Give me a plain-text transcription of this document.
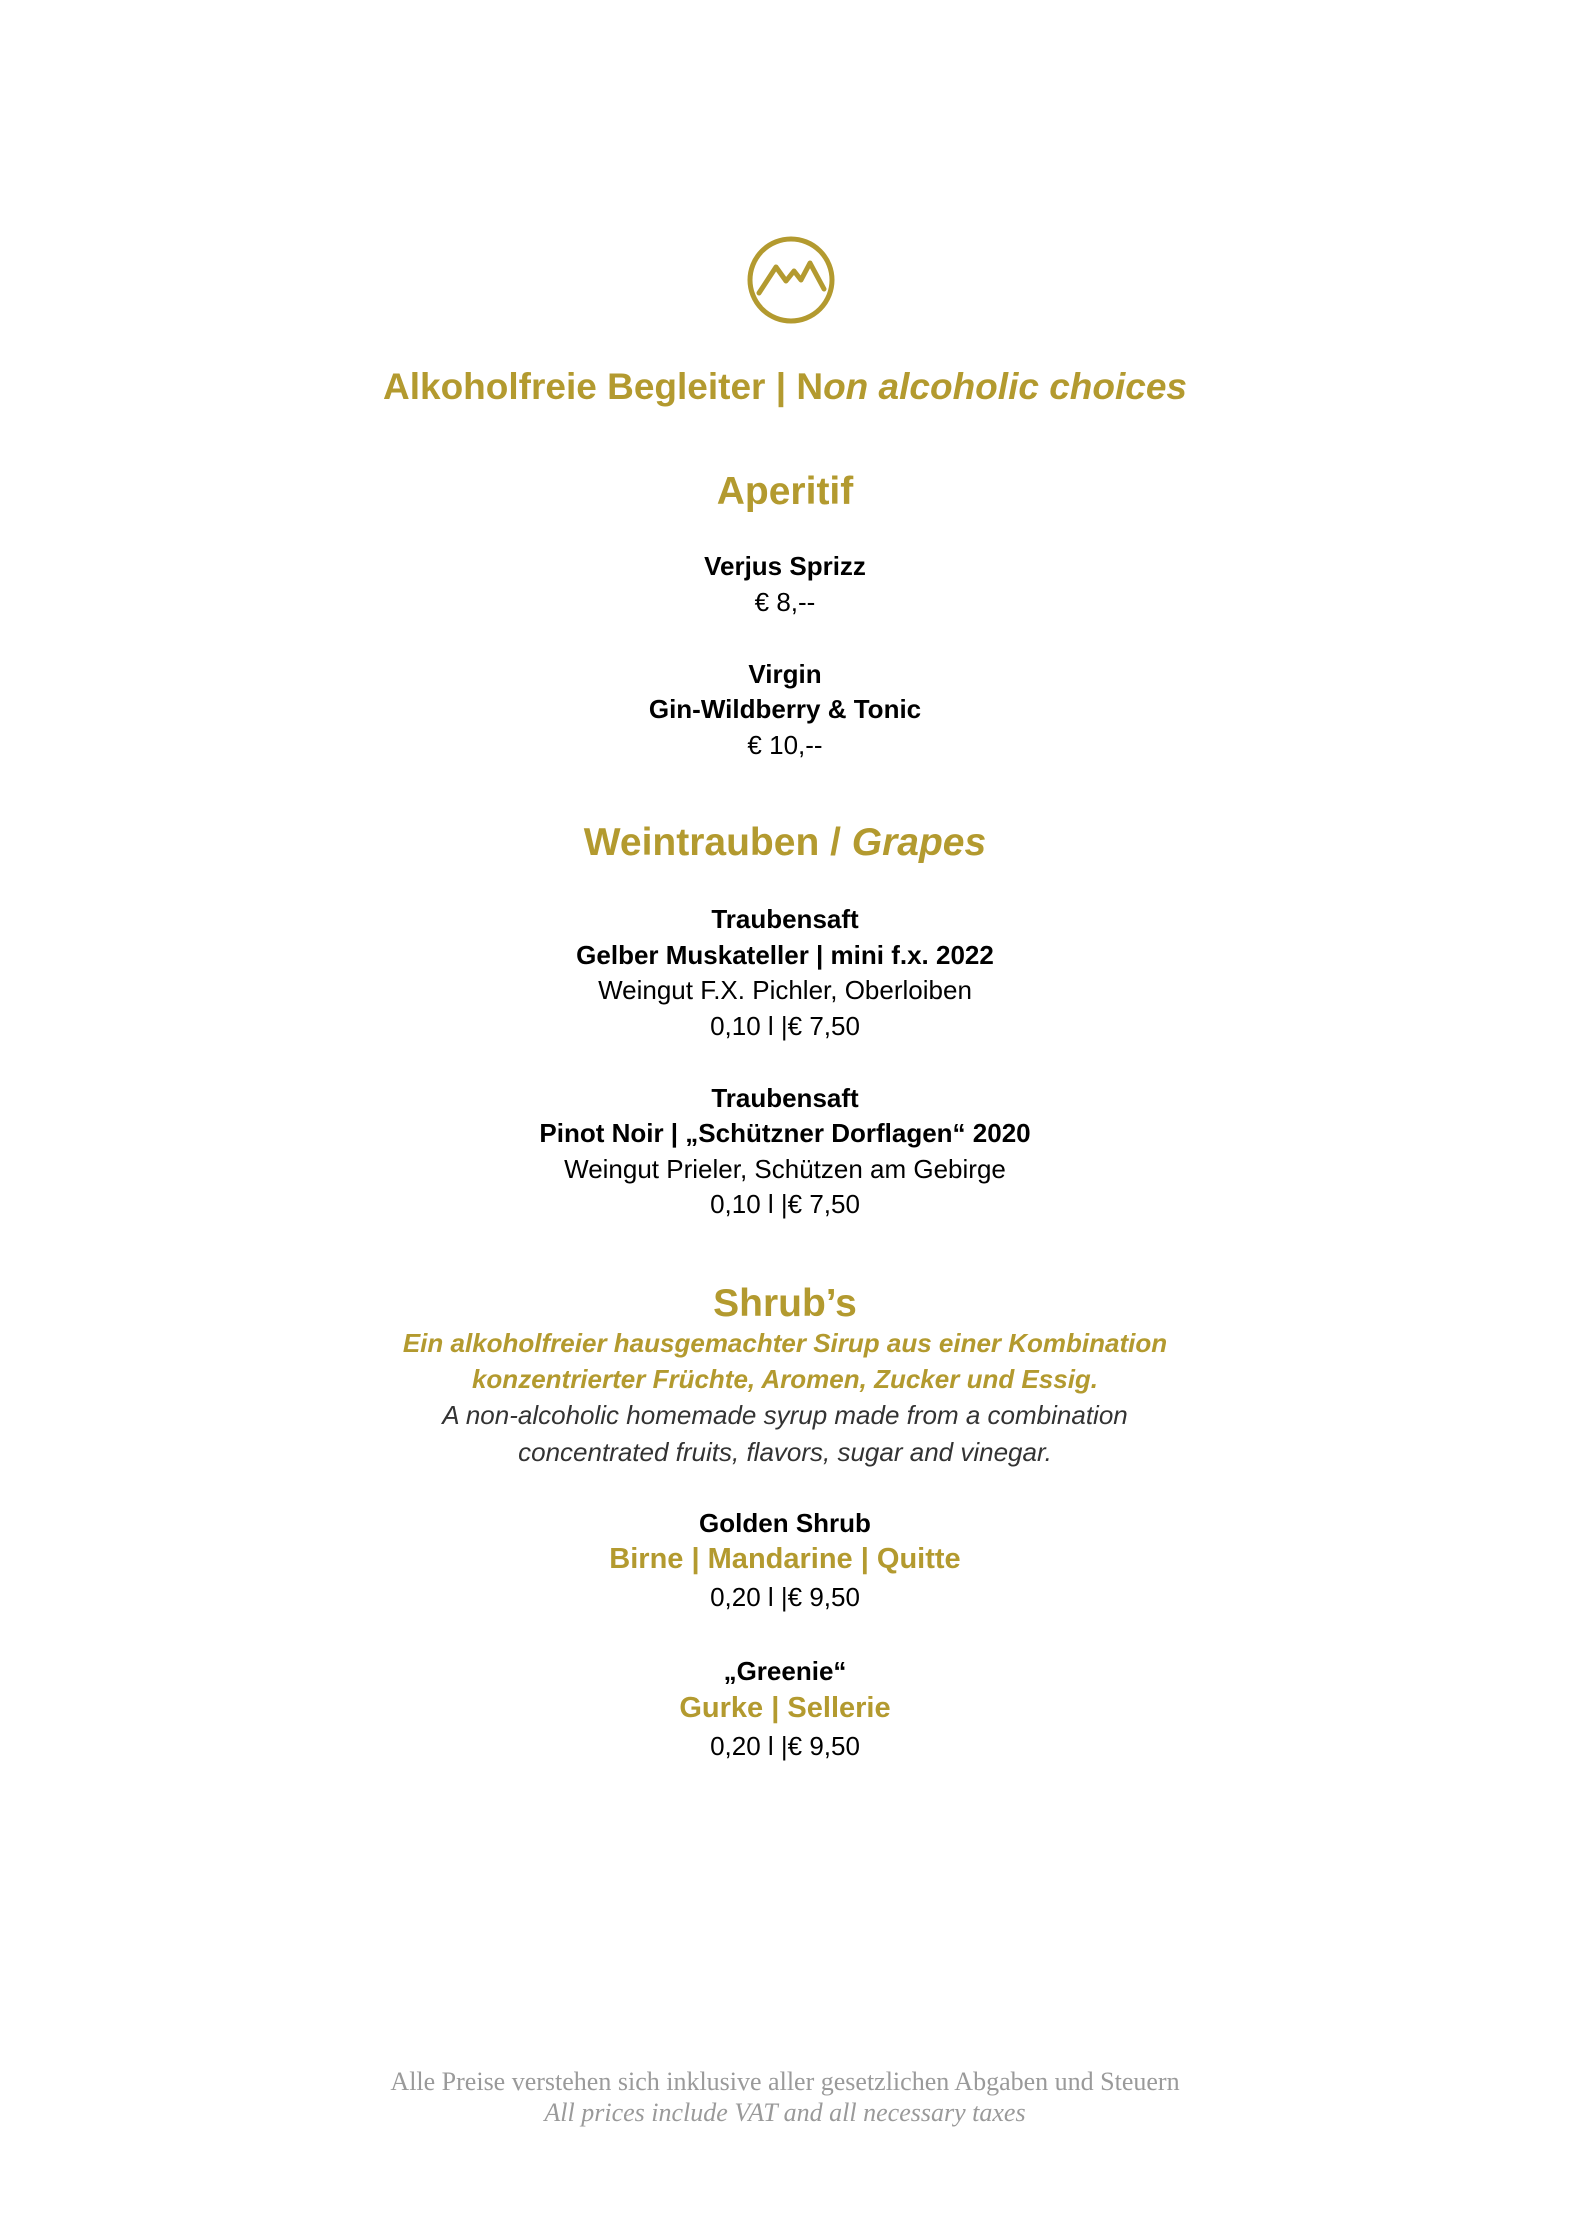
Alkoholfreie Begleiter | Non alcoholic choices
Aperitif
Verjus Sprizz
€ 8,--
Virgin
Gin-Wildberry & Tonic
€ 10,--
Weintrauben / Grapes
Traubensaft
Gelber Muskateller | mini f.x. 2022
Weingut F.X. Pichler, Oberloiben
0,10 l |€ 7,50
Traubensaft
Pinot Noir | „Schützner Dorflagen“ 2020
Weingut Prieler, Schützen am Gebirge
0,10 l |€ 7,50
Shrub’s
Ein alkoholfreier hausgemachter Sirup aus einer Kombination
konzentrierter Früchte, Aromen, Zucker und Essig.
A non-alcoholic homemade syrup made from a combination
concentrated fruits, flavors, sugar and vinegar.
Golden Shrub
Birne | Mandarine | Quitte
0,20 l |€ 9,50
„Greenie“
Gurke | Sellerie
0,20 l |€ 9,50
Alle Preise verstehen sich inklusive aller gesetzlichen Abgaben und Steuern
All prices include VAT and all necessary taxes
